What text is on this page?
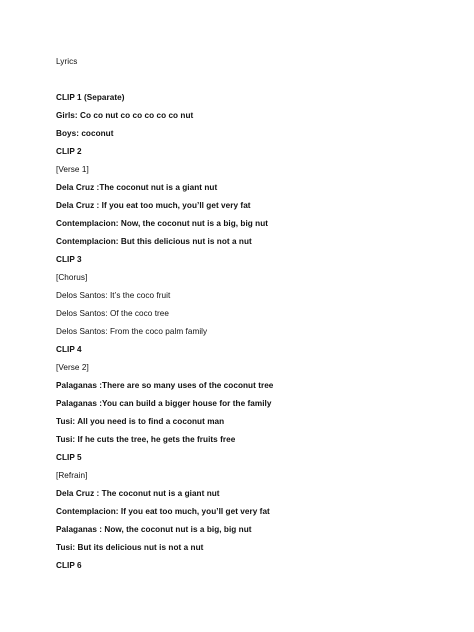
Lyrics
CLIP 1 (Separate)
Girls: Co co nut co co co co co nut
Boys: coconut
CLIP 2
[Verse 1]
Dela Cruz :The coconut nut is a giant nut
Dela Cruz : If you eat too much, you’ll get very fat
Contemplacion: Now, the coconut nut is a big, big nut
Contemplacion: But this delicious nut is not a nut
CLIP 3
[Chorus]
Delos Santos: It’s the coco fruit
Delos Santos: Of the coco tree
Delos Santos: From the coco palm family
CLIP 4
[Verse 2]
Palaganas :There are so many uses of the coconut tree
Palaganas :You can build a bigger house for the family
Tusi: All you need is to find a coconut man
Tusi: If he cuts the tree, he gets the fruits free
CLIP 5
[Refrain]
Dela Cruz : The coconut nut is a giant nut
Contemplacion: If you eat too much, you’ll get very fat
Palaganas : Now, the coconut nut is a big, big nut
Tusi: But its delicious nut is not a nut
CLIP 6
